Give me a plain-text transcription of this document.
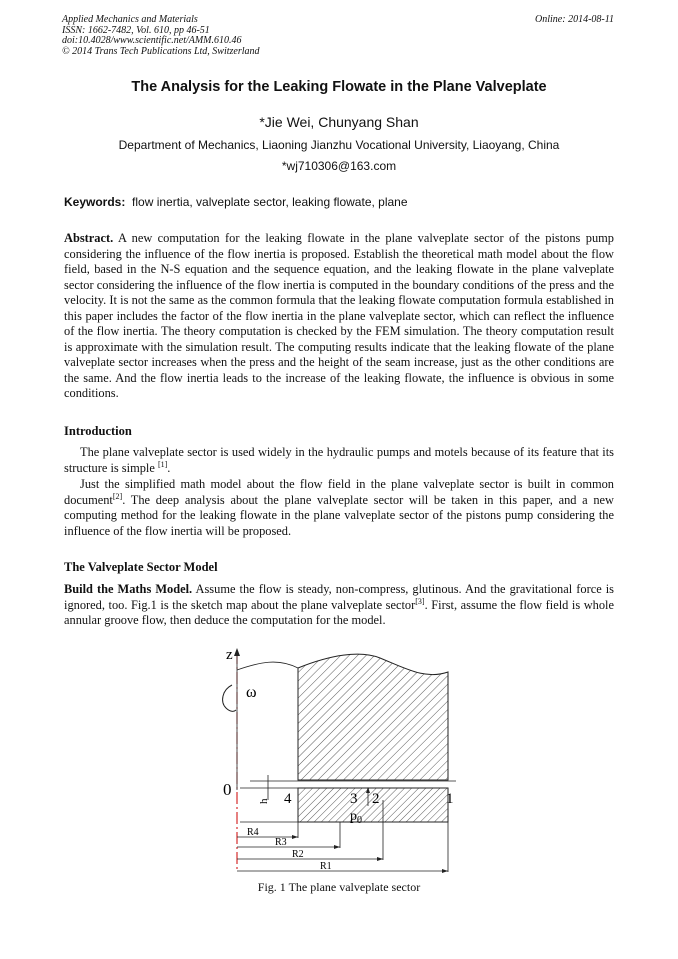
Applied Mechanics and Materials
ISSN: 1662-7482, Vol. 610, pp 46-51
doi:10.4028/www.scientific.net/AMM.610.46
© 2014 Trans Tech Publications Ltd, Switzerland
Online: 2014-08-11
The Analysis for the Leaking Flowate in the Plane Valveplate
*Jie Wei, Chunyang Shan
Department of Mechanics, Liaoning Jianzhu Vocational University, Liaoyang, China
*wj710306@163.com
Keywords: flow inertia, valveplate sector, leaking flowate, plane
Abstract. A new computation for the leaking flowate in the plane valveplate sector of the pistons pump considering the influence of the flow inertia is proposed. Establish the theoretical math model about the flow field, based in the N-S equation and the sequence equation, and the leaking flowate in the plane valveplate sector considering the influence of the flow inertia is computed in the boundary conditions of the press and the velocity. It is not the same as the common formula that the leaking flowate computation formula established in this paper includes the factor of the flow inertia in the plane valveplate sector, which can reflect the influence of the flow inertia. The theory computation is checked by the FEM simulation. The theory computation result is approximate with the simulation result. The computing results indicate that the leaking flowate of the plane valveplate sector increases when the press and the height of the seam increase, just as the other conditions are the same. And the flow inertia leads to the increase of the leaking flowate, the influence is obvious in some conditions.
Introduction
The plane valveplate sector is used widely in the hydraulic pumps and motels because of its feature that its structure is simple [1].
Just the simplified math model about the flow field in the plane valveplate sector is built in common document[2]. The deep analysis about the plane valveplate sector will be taken in this paper, and a new computing method for the leaking flowate in the plane valveplate sector of the pistons pump considering the influence of the flow inertia will be proposed.
The Valveplate Sector Model
Build the Maths Model. Assume the flow is steady, non-compress, glutinous. And the gravitational force is ignored, too. Fig.1 is the sketch map about the plane valveplate sector[3]. First, assume the flow field is whole annular groove flow, then deduce the computation for the model.
z
ω
h
0	4	3 2	1
$p_0$
R4
R3
R2
R1
Fig. 1 The plane valveplate sector
